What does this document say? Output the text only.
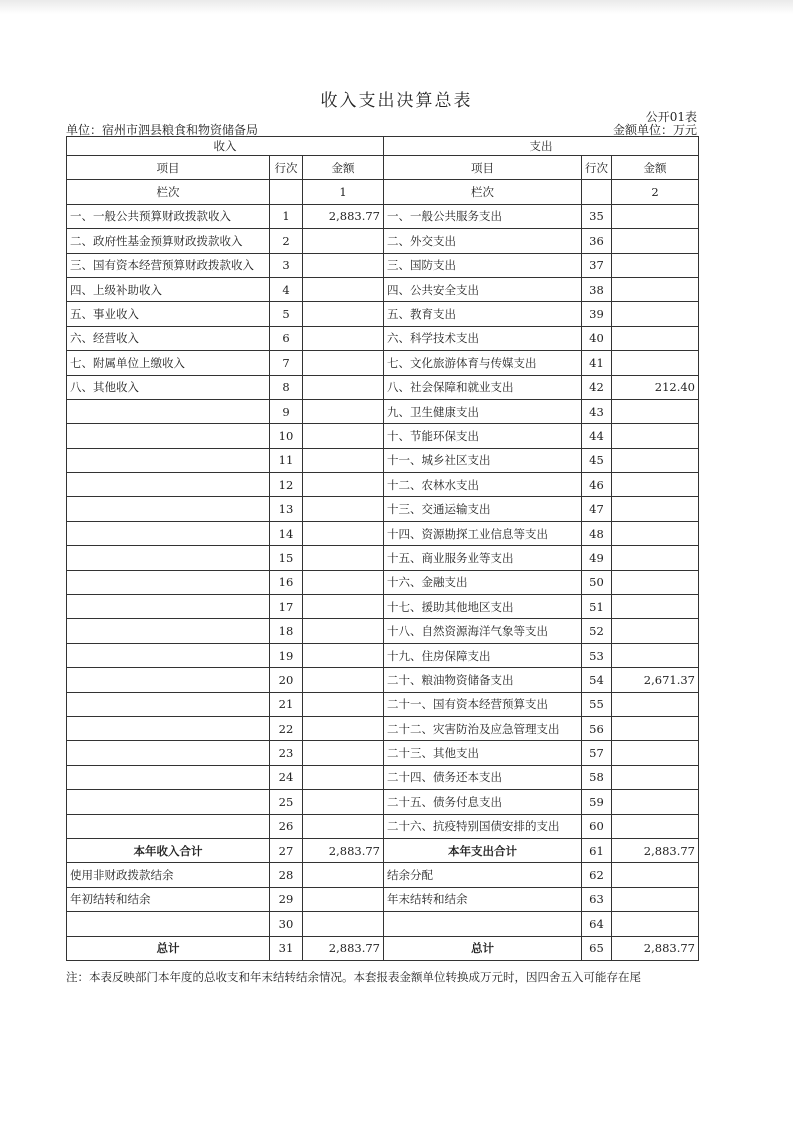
收入支出决算总表
公开01表
单位：宿州市泗县粮食和物资储备局	金额单位：万元
收入			支出		
项目	行次	金额	项目	行次	金额
栏次		1	栏次		2
一、一般公共预算财政拨款收入	1	2,883.77	一、一般公共服务支出	35	
二、政府性基金预算财政拨款收入	2		二、外交支出	36	
三、国有资本经营预算财政拨款收入	3		三、国防支出	37	
四、上级补助收入	4		四、公共安全支出	38	
五、事业收入	5		五、教育支出	39	
六、经营收入	6		六、科学技术支出	40	
七、附属单位上缴收入	7		七、文化旅游体育与传媒支出	41	
八、其他收入	8		八、社会保障和就业支出	42	212.40
	9		九、卫生健康支出	43	
	10		十、节能环保支出	44	
	11		十一、城乡社区支出	45	
	12		十二、农林水支出	46	
	13		十三、交通运输支出	47	
	14		十四、资源勘探工业信息等支出	48	
	15		十五、商业服务业等支出	49	
	16		十六、金融支出	50	
	17		十七、援助其他地区支出	51	
	18		十八、自然资源海洋气象等支出	52	
	19		十九、住房保障支出	53	
	20		二十、粮油物资储备支出	54	2,671.37
	21		二十一、国有资本经营预算支出	55	
	22		二十二、灾害防治及应急管理支出	56	
	23		二十三、其他支出	57	
	24		二十四、债务还本支出	58	
	25		二十五、债务付息支出	59	
	26		二十六、抗疫特别国债安排的支出	60	
本年收入合计	27	2,883.77	本年支出合计	61	2,883.77
使用非财政拨款结余	28		结余分配	62	
年初结转和结余	29		年末结转和结余	63	
	30			64	
总计	31	2,883.77	总计	65	2,883.77
注：本表反映部门本年度的总收支和年末结转结余情况。本套报表金额单位转换成万元时，因四舍五入可能存在尾
